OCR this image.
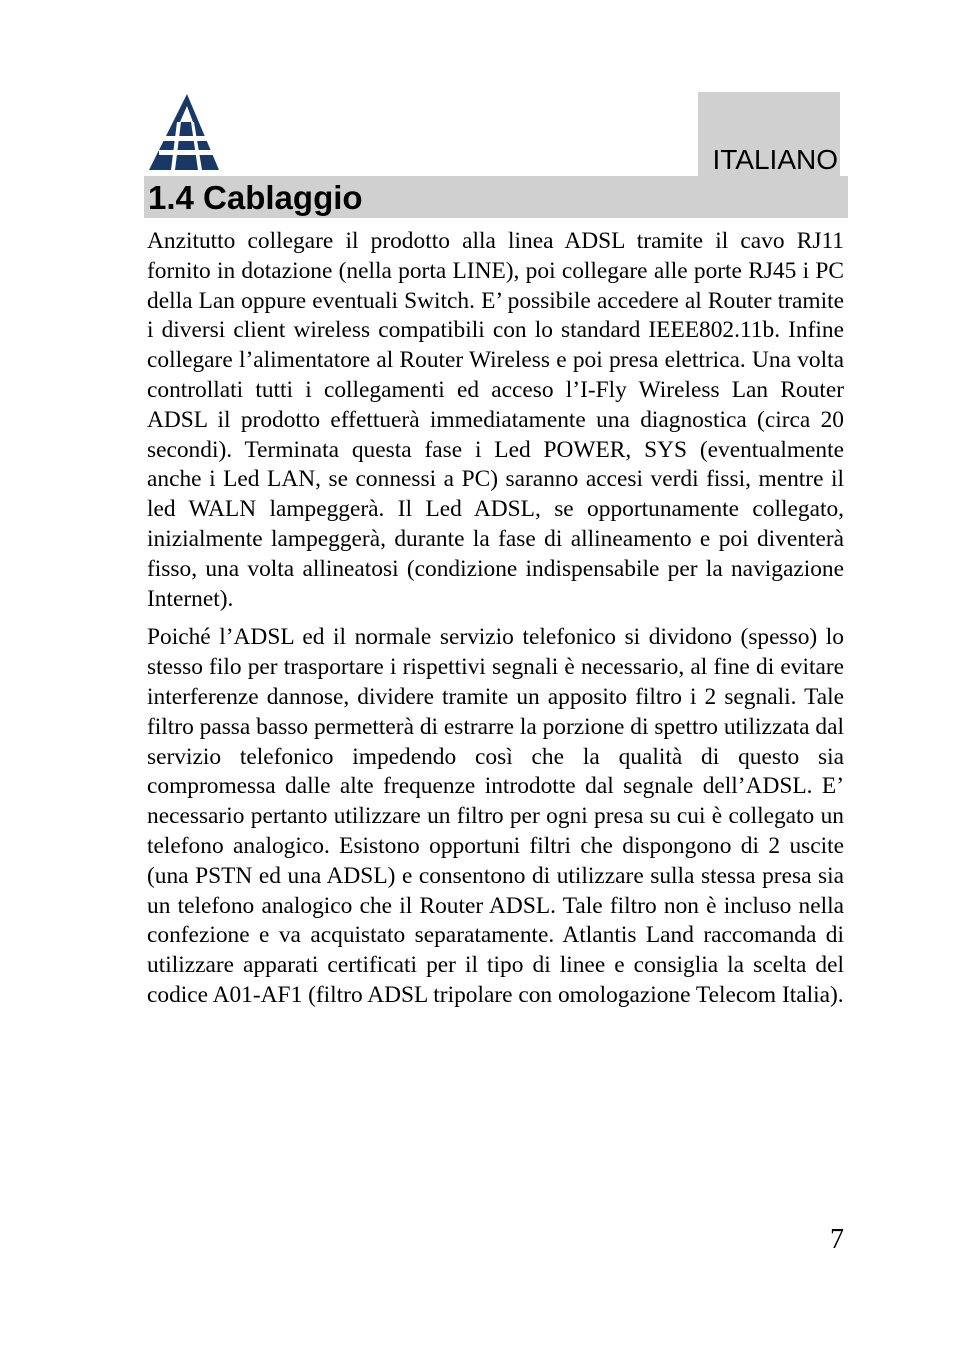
ITALIANO
1.4 Cablaggio

Anzitutto collegare il prodotto alla linea ADSL tramite il cavo RJ11 fornito in dotazione (nella porta LINE), poi collegare alle porte RJ45 i PC della Lan oppure eventuali Switch. E’ possibile accedere al Router tramite i diversi client wireless compatibili con lo standard IEEE802.11b. Infine collegare l’alimentatore al Router Wireless e poi presa elettrica. Una volta controllati tutti i collegamenti ed acceso l’I-Fly Wireless Lan Router ADSL il prodotto effettuerà immediatamente una diagnostica (circa 20 secondi). Terminata questa fase i Led POWER, SYS (eventualmente anche i Led LAN, se connessi a PC) saranno accesi verdi fissi, mentre il led WALN lampeggerà. Il Led ADSL, se opportunamente collegato, inizialmente lampeggerà, durante la fase di allineamento e poi diventerà fisso, una volta allineatosi (condizione indispensabile per la navigazione Internet).

Poiché l’ADSL ed il normale servizio telefonico si dividono (spesso) lo stesso filo per trasportare i rispettivi segnali è necessario, al fine di evitare interferenze dannose, dividere tramite un apposito filtro i 2 segnali. Tale filtro passa basso permetterà di estrarre la porzione di spettro utilizzata dal servizio telefonico impedendo così che la qualità di questo sia compromessa dalle alte frequenze introdotte dal segnale dell’ADSL. E’ necessario pertanto utilizzare un filtro per ogni presa su cui è collegato un telefono analogico. Esistono opportuni filtri che dispongono di 2 uscite (una PSTN ed una ADSL) e consentono di utilizzare sulla stessa presa sia un telefono analogico che il Router ADSL. Tale filtro non è incluso nella confezione e va acquistato separatamente. Atlantis Land raccomanda di utilizzare apparati certificati per il tipo di linee e consiglia la scelta del codice A01-AF1 (filtro ADSL tripolare con omologazione Telecom Italia).

7
